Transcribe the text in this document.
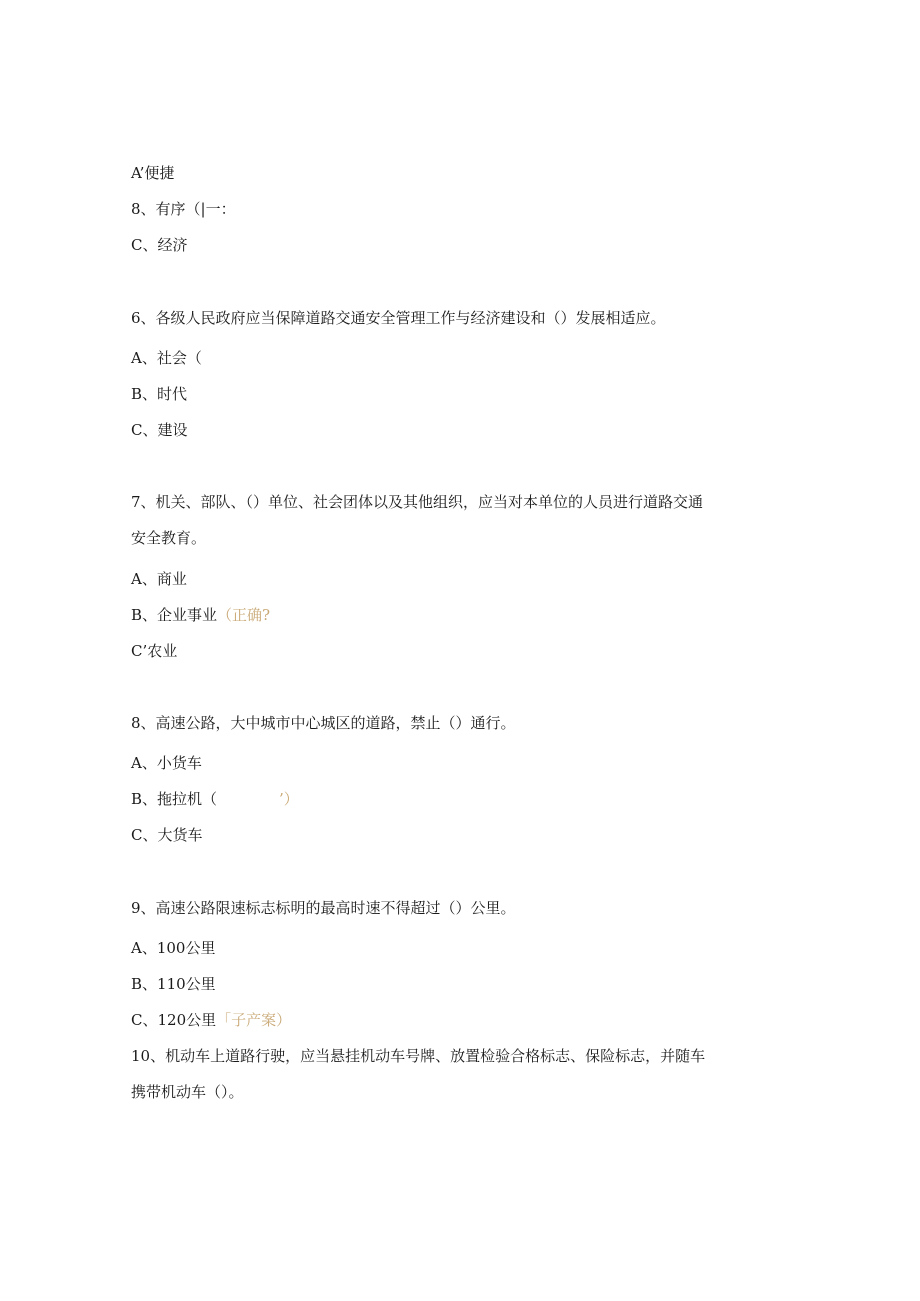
A’便捷

8、有序（|一：

C、经济

6、各级人民政府应当保障道路交通安全管理工作与经济建设和（）发展相适应。

A、社会（

B、时代

C、建设

7、机关、部队、（）单位、社会团体以及其他组织，应当对本单位的人员进行道路交通

安全教育。

A、商业

B、企业事业（正确?

C’农业

8、高速公路，大中城市中心城区的道路，禁止（）通行。

A、小货车

B、拖拉机（	’）

C、大货车

9、高速公路限速标志标明的最高时速不得超过（）公里。

A、100公里

B、110公里

C、120公里「子产案）

10、机动车上道路行驶，应当悬挂机动车号牌、放置检验合格标志、保险标志，并随车

携带机动车（）。
